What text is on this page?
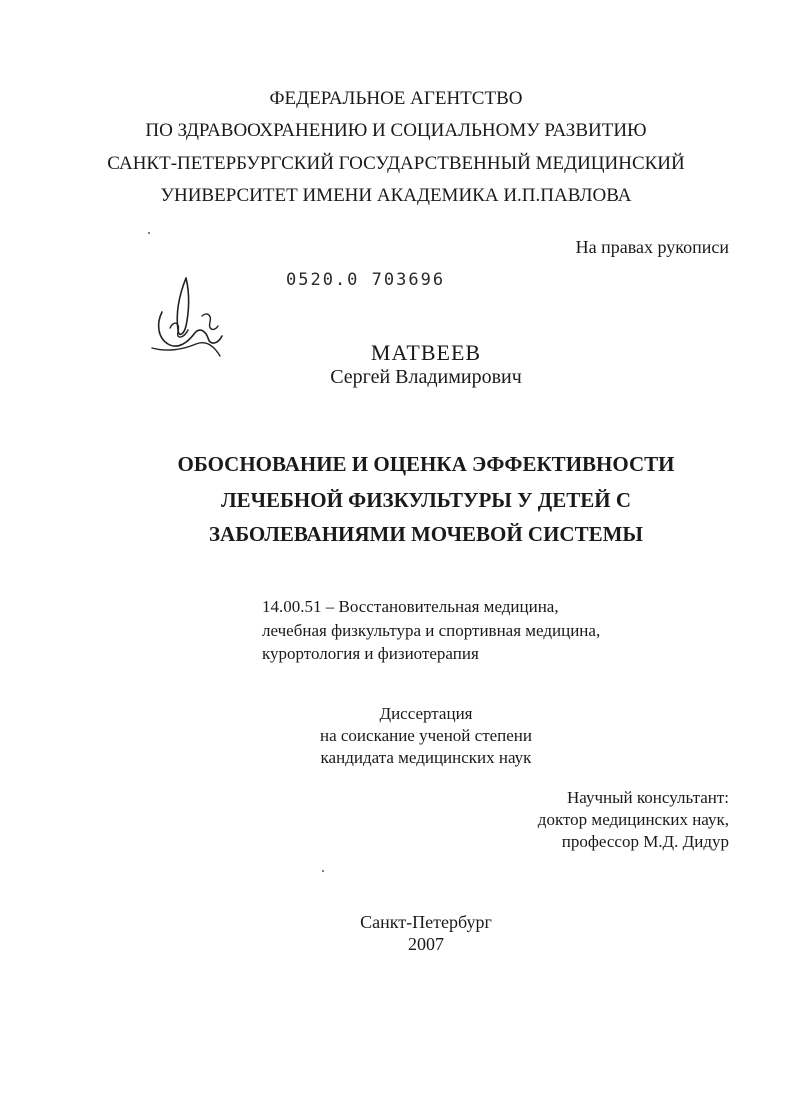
ФЕДЕРАЛЬНОЕ АГЕНТСТВО
ПО ЗДРАВООХРАНЕНИЮ И СОЦИАЛЬНОМУ РАЗВИТИЮ
САНКТ-ПЕТЕРБУРГСКИЙ ГОСУДАРСТВЕННЫЙ МЕДИЦИНСКИЙ
УНИВЕРСИТЕТ ИМЕНИ АКАДЕМИКА И.П.ПАВЛОВА
На правах рукописи
0520.0 703696
МАТВЕЕВ
Сергей Владимирович
ОБОСНОВАНИЕ И ОЦЕНКА ЭФФЕКТИВНОСТИ
ЛЕЧЕБНОЙ ФИЗКУЛЬТУРЫ У ДЕТЕЙ С
ЗАБОЛЕВАНИЯМИ МОЧЕВОЙ СИСТЕМЫ
14.00.51 – Восстановительная медицина,
лечебная физкультура и спортивная медицина,
курортология и физиотерапия
Диссертация
на соискание ученой степени
кандидата медицинских наук
Научный консультант:
доктор медицинских наук,
профессор М.Д. Дидур
Санкт-Петербург
2007
